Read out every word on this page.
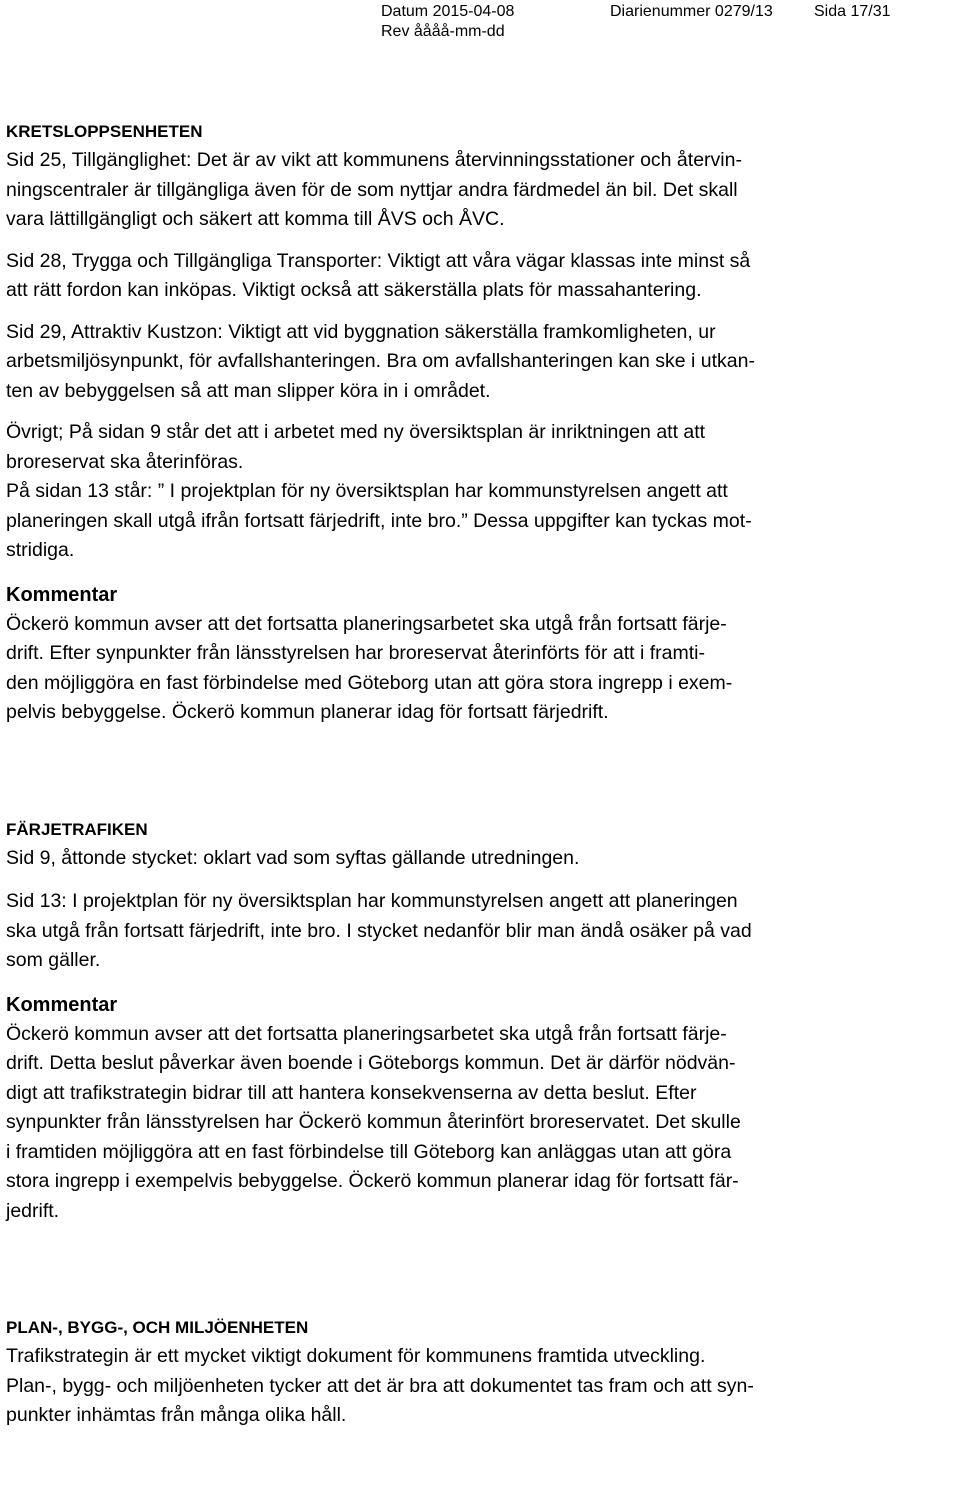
Datum 2015-04-08	Diarienummer 0279/13	Sida 17/31
Rev åååå-mm-dd

KRETSLOPPSENHETEN

Sid 25, Tillgänglighet: Det är av vikt att kommunens återvinningsstationer och återvin-
ningscentraler är tillgängliga även för de som nyttjar andra färdmedel än bil. Det skall
vara lättillgängligt och säkert att komma till ÅVS och ÅVC.

Sid 28, Trygga och Tillgängliga Transporter: Viktigt att våra vägar klassas inte minst så
att rätt fordon kan inköpas. Viktigt också att säkerställa plats för massahantering.

Sid 29, Attraktiv Kustzon: Viktigt att vid byggnation säkerställa framkomligheten, ur
arbetsmiljösynpunkt, för avfallshanteringen. Bra om avfallshanteringen kan ske i utkan-
ten av bebyggelsen så att man slipper köra in i området.

Övrigt; På sidan 9 står det att i arbetet med ny översiktsplan är inriktningen att att
broreservat ska återinföras.
På sidan 13 står: ” I projektplan för ny översiktsplan har kommunstyrelsen angett att
planeringen skall utgå ifrån fortsatt färjedrift, inte bro.” Dessa uppgifter kan tyckas mot-
stridiga.

Kommentar

Öckerö kommun avser att det fortsatta planeringsarbetet ska utgå från fortsatt färje-
drift. Efter synpunkter från länsstyrelsen har broreservat återinförts för att i framti-
den möjliggöra en fast förbindelse med Göteborg utan att göra stora ingrepp i exem-
pelvis bebyggelse. Öckerö kommun planerar idag för fortsatt färjedrift.

FÄRJETRAFIKEN

Sid 9, åttonde stycket: oklart vad som syftas gällande utredningen.

Sid 13: I projektplan för ny översiktsplan har kommunstyrelsen angett att planeringen
ska utgå från fortsatt färjedrift, inte bro. I stycket nedanför blir man ändå osäker på vad
som gäller.

Kommentar

Öckerö kommun avser att det fortsatta planeringsarbetet ska utgå från fortsatt färje-
drift. Detta beslut påverkar även boende i Göteborgs kommun. Det är därför nödvän-
digt att trafikstrategin bidrar till att hantera konsekvenserna av detta beslut. Efter
synpunkter från länsstyrelsen har Öckerö kommun återinfört broreservatet. Det skulle
i framtiden möjliggöra att en fast förbindelse till Göteborg kan anläggas utan att göra
stora ingrepp i exempelvis bebyggelse. Öckerö kommun planerar idag för fortsatt fär-
jedrift.

PLAN-, BYGG-, OCH MILJÖENHETEN

Trafikstrategin är ett mycket viktigt dokument för kommunens framtida utveckling.
Plan-, bygg- och miljöenheten tycker att det är bra att dokumentet tas fram och att syn-
punkter inhämtas från många olika håll.
